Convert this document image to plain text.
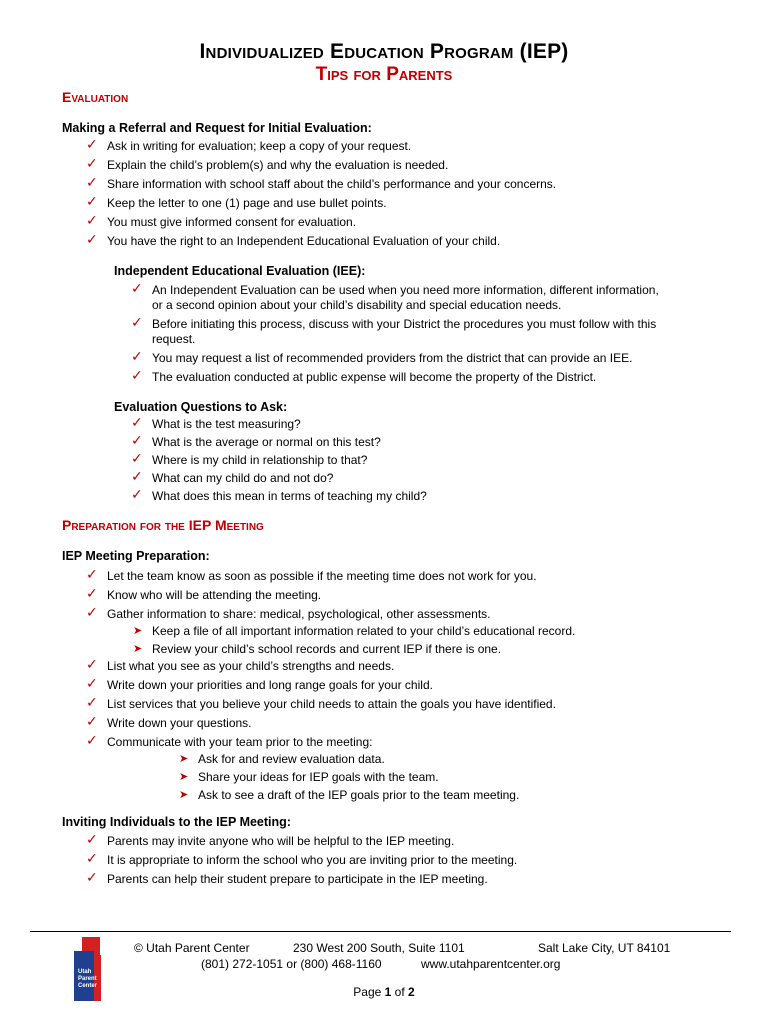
Individualized Education Program (IEP)
Tips for Parents
Evaluation

Making a Referral and Request for Initial Evaluation:

✓ Ask in writing for evaluation; keep a copy of your request.
✓ Explain the child’s problem(s) and why the evaluation is needed.
✓ Share information with school staff about the child’s performance and your concerns.
✓ Keep the letter to one (1) page and use bullet points.
✓ You must give informed consent for evaluation.
✓ You have the right to an Independent Educational Evaluation of your child.

Independent Educational Evaluation (IEE):

✓ An Independent Evaluation can be used when you need more information, different information, or a second opinion about your child’s disability and special education needs.
✓ Before initiating this process, discuss with your District the procedures you must follow with this request.
✓ You may request a list of recommended providers from the district that can provide an IEE.
✓ The evaluation conducted at public expense will become the property of the District.

Evaluation Questions to Ask:

✓ What is the test measuring?
✓ What is the average or normal on this test?
✓ Where is my child in relationship to that?
✓ What can my child do and not do?
✓ What does this mean in terms of teaching my child?
Preparation for the IEP Meeting

IEP Meeting Preparation:

✓ Let the team know as soon as possible if the meeting time does not work for you.
✓ Know who will be attending the meeting.
✓ Gather information to share: medical, psychological, other assessments.
➤ Keep a file of all important information related to your child’s educational record.
➤ Review your child’s school records and current IEP if there is one.
✓ List what you see as your child’s strengths and needs.
✓ Write down your priorities and long range goals for your child.
✓ List services that you believe your child needs to attain the goals you have identified.
✓ Write down your questions.
✓ Communicate with your team prior to the meeting:
➤ Ask for and review evaluation data.
➤ Share your ideas for IEP goals with the team.
➤ Ask to see a draft of the IEP goals prior to the team meeting.

Inviting Individuals to the IEP Meeting:

✓ Parents may invite anyone who will be helpful to the IEP meeting.
✓ It is appropriate to inform the school who you are inviting prior to the meeting.
✓ Parents can help their student prepare to participate in the IEP meeting.
Utah
Parent
Center

© Utah Parent Center	230 West 200 South, Suite 1101	Salt Lake City, UT 84101

(801) 272-1051 or (800) 468-1160	www.utahparentcenter.org

Page 1 of 2
